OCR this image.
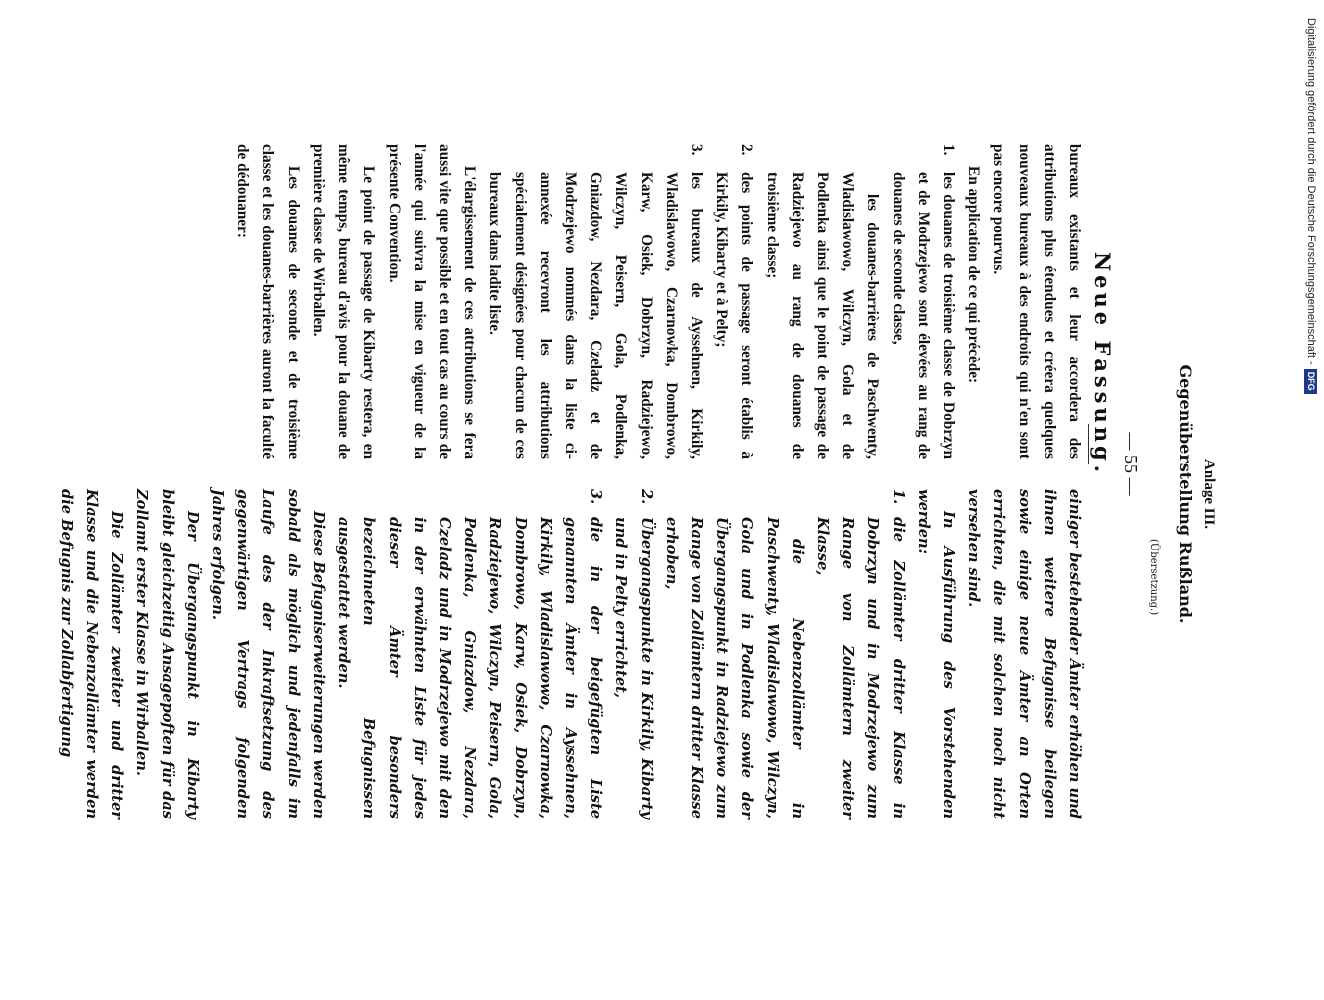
Anlage III.
Gegenüberstellung Rußland.
(Übersetzung.)
— 55 —
Neue Fassung.

bureaux existants et leur accordera des attributions plus étendues et créera quelques nouveaux bureaux à des endroits qui n'en sont pas encore pourvus.

En application de ce qui précède:

1.

les douanes de troisième classe de Dobrzyn et de Modrzejewo sont élevées au rang de douanes de seconde classe,

les douanes-barrières de Paschwenty, Wladislawowo, Wilczyn, Gola et de Podlenka ainsi que le point de passage de Radziejewo au rang de douanes de troisième classe;

2.

des points de passage seront établis à Kirkily, Kibarty et à Pelty;

3.

les bureaux de Ayssehnen, Kirkily, Wladislawowo, Czarnowka, Dombrowo, Karw, Osiek, Dobrzyn, Radziejewo, Wilczyn, Peisern, Gola, Podlenka, Gniazdow, Nezdara, Czeladz et de Modrzejewo nommés dans la liste ci-annexée recevront les attributions spécialement désignées pour chacun de ces bureaux dans ladite liste.

L'élargissement de ces attributions se fera aussi vite que possible et en tout cas au cours de l'année qui suivra la mise en vigueur de la présente Convention.

Le point de passage de Kibarty restera, en même temps, bureau d'avis pour la douane de première classe de Wirballen.

Les douanes de seconde et de troisième classe et les douanes-barrières auront la faculté de dédouaner:

einiger bestehender Ämter erhöhen und ihnen weitere Befugnisse beilegen sowie einige neue Ämter an Orten errichten, die mit solchen noch nicht versehen sind.

In Ausführung des Vorstehenden werden:

1.

die Zollämter dritter Klasse in Dobrzyn und in Modrzejewo zum Range von Zollämtern zweiter Klasse,

die Nebenzollämter in Paschwenty, Wladislawowo, Wilczyn, Gola und in Podlenka sowie der Übergangspunkt in Radziejewo zum Range von Zollämtern dritter Klasse erhoben,

2.

Übergangspunkte in Kirkily, Kibarty und in Pelty errichtet,

3.

die in der beigefügten Liste genannten Ämter in Ayssehnen, Kirkily, Wladislawowo, Czarnowka, Dombrowo, Karw, Osiek, Dobrzyn, Radziejewo, Wilczyn, Peisern, Gola, Podlenka, Gniazdow, Nezdara, Czeladz und in Modrzejewo mit den in der erwähnten Liste für jedes dieser Ämter besonders bezeichneten Befugnissen ausgestattet werden.

Diese Befugniserweiterungen werden sobald als möglich und jedenfalls im Laufe des der Inkraftsetzung des gegenwärtigen Vertrags folgenden Jahres erfolgen.

Der Übergangspunkt in Kibarty bleibt gleichzeitig Ansagepoften für das Zollamt erster Klasse in Wirballen.

Die Zollämter zweiter und dritter Klasse und die Nebenzollämter werden die Befugnis zur Zollabfertigung

Digitalisierung gefördert durch die Deutsche Forschungsgemeinschaft -DFG
